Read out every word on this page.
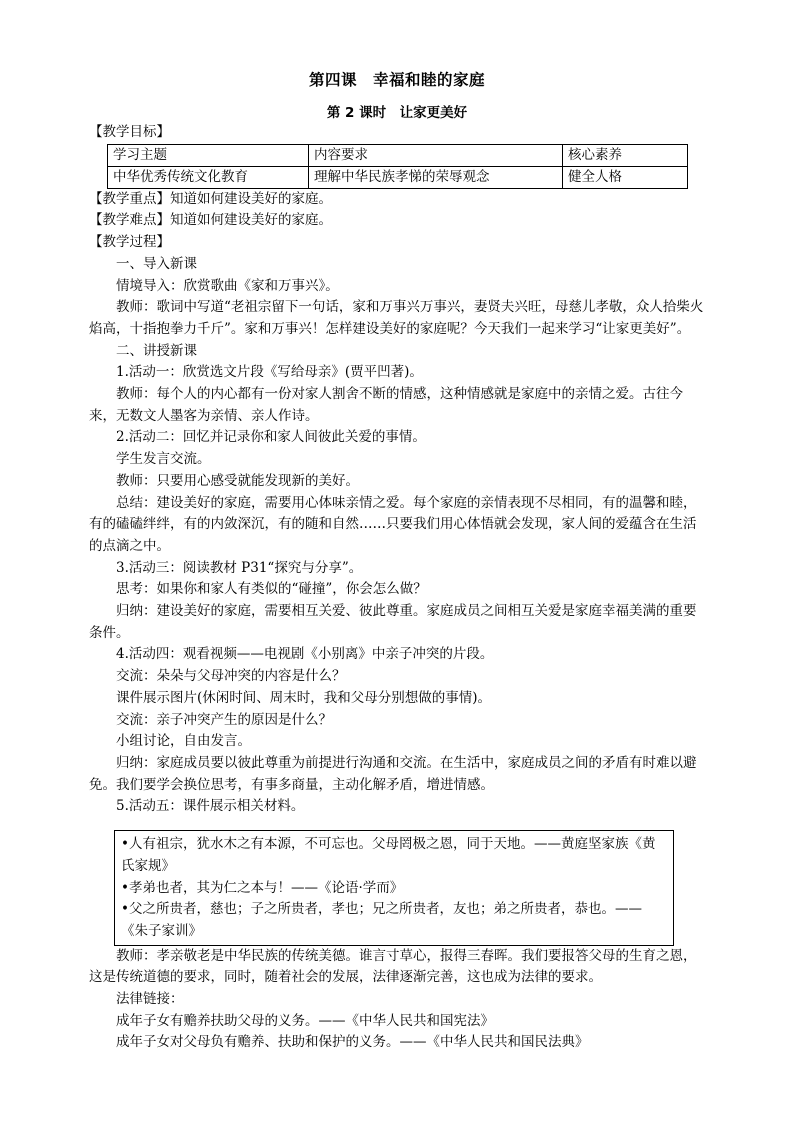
第四课　幸福和睦的家庭
第 2 课时　让家更美好

【教学目标】

学习主题	内容要求	核心素养
中华优秀传统文化教育	理解中华民族孝悌的荣辱观念	健全人格

【教学重点】知道如何建设美好的家庭。

【教学难点】知道如何建设美好的家庭。

【教学过程】

一、导入新课

情境导入：欣赏歌曲《家和万事兴》。

教师：歌词中写道“老祖宗留下一句话，家和万事兴万事兴，妻贤夫兴旺，母慈儿孝敬，众人拾柴火焰高，十指抱拳力千斤”。家和万事兴！怎样建设美好的家庭呢？今天我们一起来学习“让家更美好”。

二、讲授新课

1.活动一：欣赏选文片段《写给母亲》(贾平凹著)。

教师：每个人的内心都有一份对家人割舍不断的情感，这种情感就是家庭中的亲情之爱。古往今来，无数文人墨客为亲情、亲人作诗。

2.活动二：回忆并记录你和家人间彼此关爱的事情。

学生发言交流。

教师：只要用心感受就能发现新的美好。

总结：建设美好的家庭，需要用心体味亲情之爱。每个家庭的亲情表现不尽相同，有的温馨和睦，有的磕磕绊绊，有的内敛深沉，有的随和自然……只要我们用心体悟就会发现，家人间的爱蕴含在生活的点滴之中。

3.活动三：阅读教材 P31“探究与分享”。

思考：如果你和家人有类似的“碰撞”，你会怎么做？

归纳：建设美好的家庭，需要相互关爱、彼此尊重。家庭成员之间相互关爱是家庭幸福美满的重要条件。

4.活动四：观看视频——电视剧《小别离》中亲子冲突的片段。

交流：朵朵与父母冲突的内容是什么？

课件展示图片(休闲时间、周末时，我和父母分别想做的事情)。

交流：亲子冲突产生的原因是什么？

小组讨论，自由发言。

归纳：家庭成员要以彼此尊重为前提进行沟通和交流。在生活中，家庭成员之间的矛盾有时难以避免。我们要学会换位思考，有事多商量，主动化解矛盾，增进情感。

5.活动五：课件展示相关材料。

•人有祖宗，犹水木之有本源，不可忘也。父母罔极之恩，同于天地。——黄庭坚家族《黄氏家规》

•孝弟也者，其为仁之本与！——《论语·学而》

•父之所贵者，慈也；子之所贵者，孝也；兄之所贵者，友也；弟之所贵者，恭也。——《朱子家训》

教师：孝亲敬老是中华民族的传统美德。谁言寸草心，报得三春晖。我们要报答父母的生育之恩，这是传统道德的要求，同时，随着社会的发展，法律逐渐完善，这也成为法律的要求。

法律链接：

成年子女有赡养扶助父母的义务。——《中华人民共和国宪法》

成年子女对父母负有赡养、扶助和保护的义务。——《中华人民共和国民法典》
